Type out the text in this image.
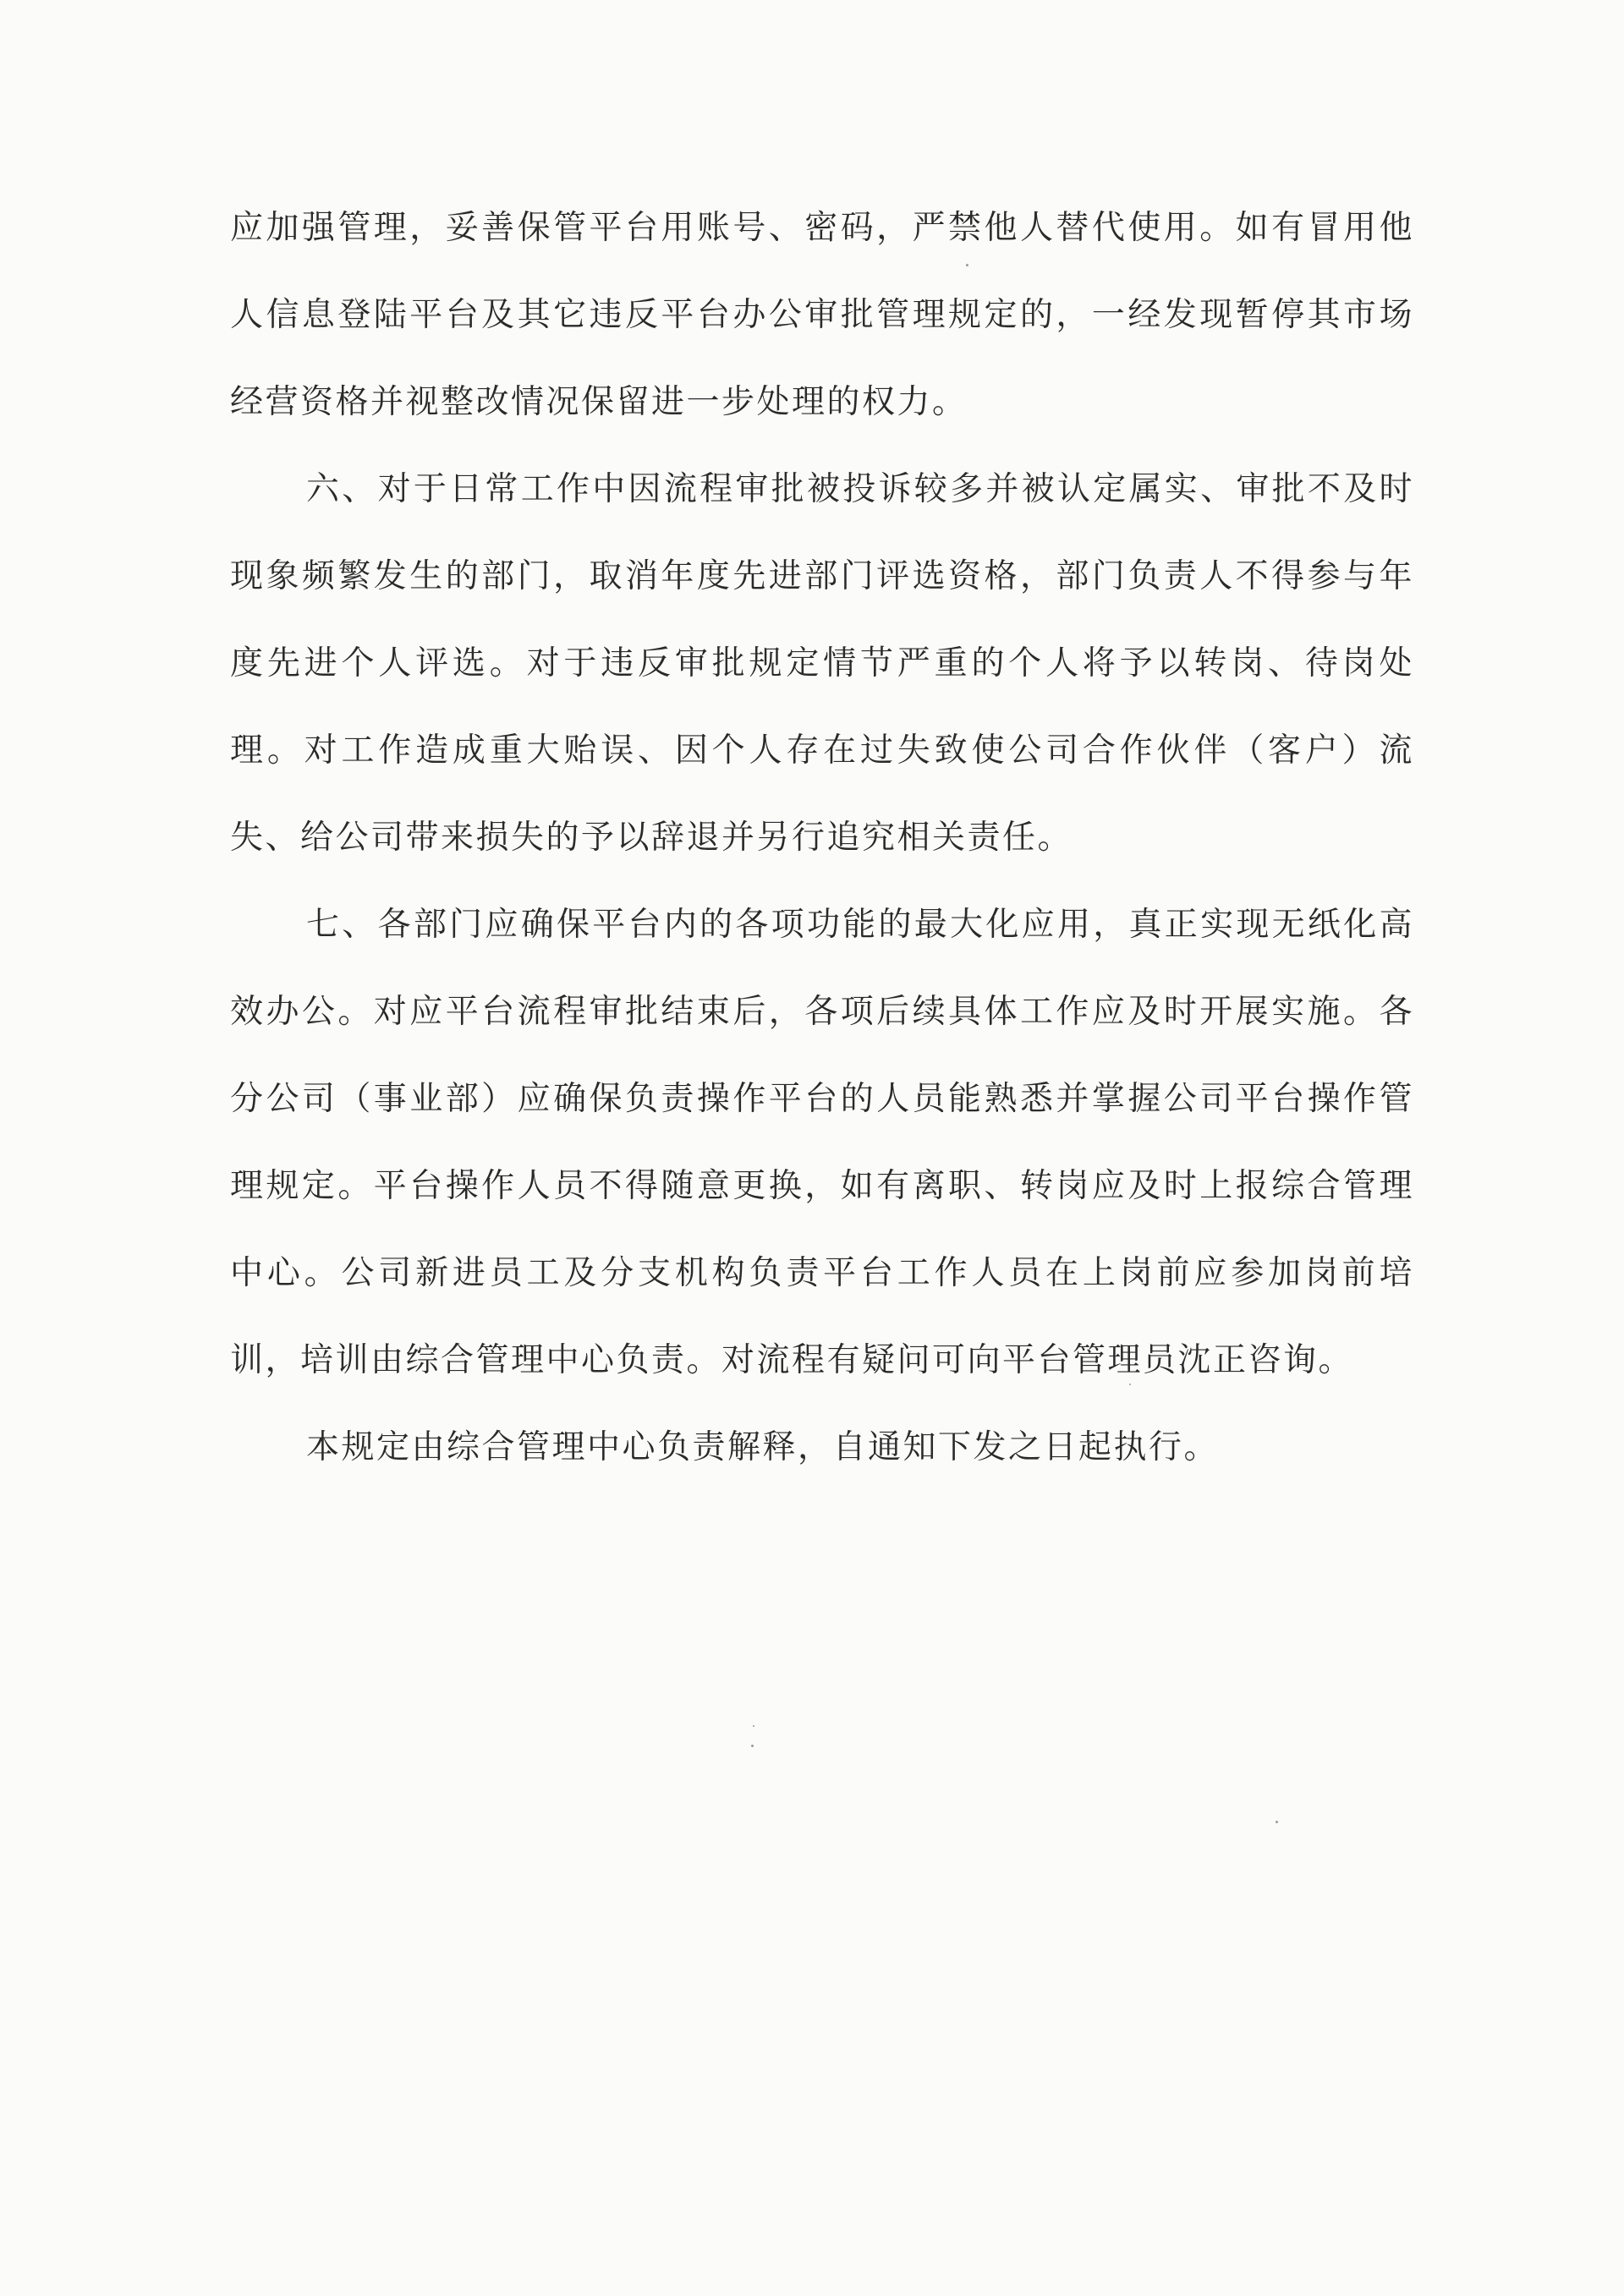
应加强管理，妥善保管平台用账号、密码，严禁他人替代使用。如有冒用他人信息登陆平台及其它违反平台办公审批管理规定的，一经发现暂停其市场经营资格并视整改情况保留进一步处理的权力。

六、对于日常工作中因流程审批被投诉较多并被认定属实、审批不及时现象频繁发生的部门，取消年度先进部门评选资格，部门负责人不得参与年度先进个人评选。对于违反审批规定情节严重的个人将予以转岗、待岗处理。对工作造成重大贻误、因个人存在过失致使公司合作伙伴（客户）流失、给公司带来损失的予以辞退并另行追究相关责任。

七、各部门应确保平台内的各项功能的最大化应用，真正实现无纸化高效办公。对应平台流程审批结束后，各项后续具体工作应及时开展实施。各分公司（事业部）应确保负责操作平台的人员能熟悉并掌握公司平台操作管理规定。平台操作人员不得随意更换，如有离职、转岗应及时上报综合管理中心。公司新进员工及分支机构负责平台工作人员在上岗前应参加岗前培训，培训由综合管理中心负责。对流程有疑问可向平台管理员沈正咨询。

本规定由综合管理中心负责解释，自通知下发之日起执行。
